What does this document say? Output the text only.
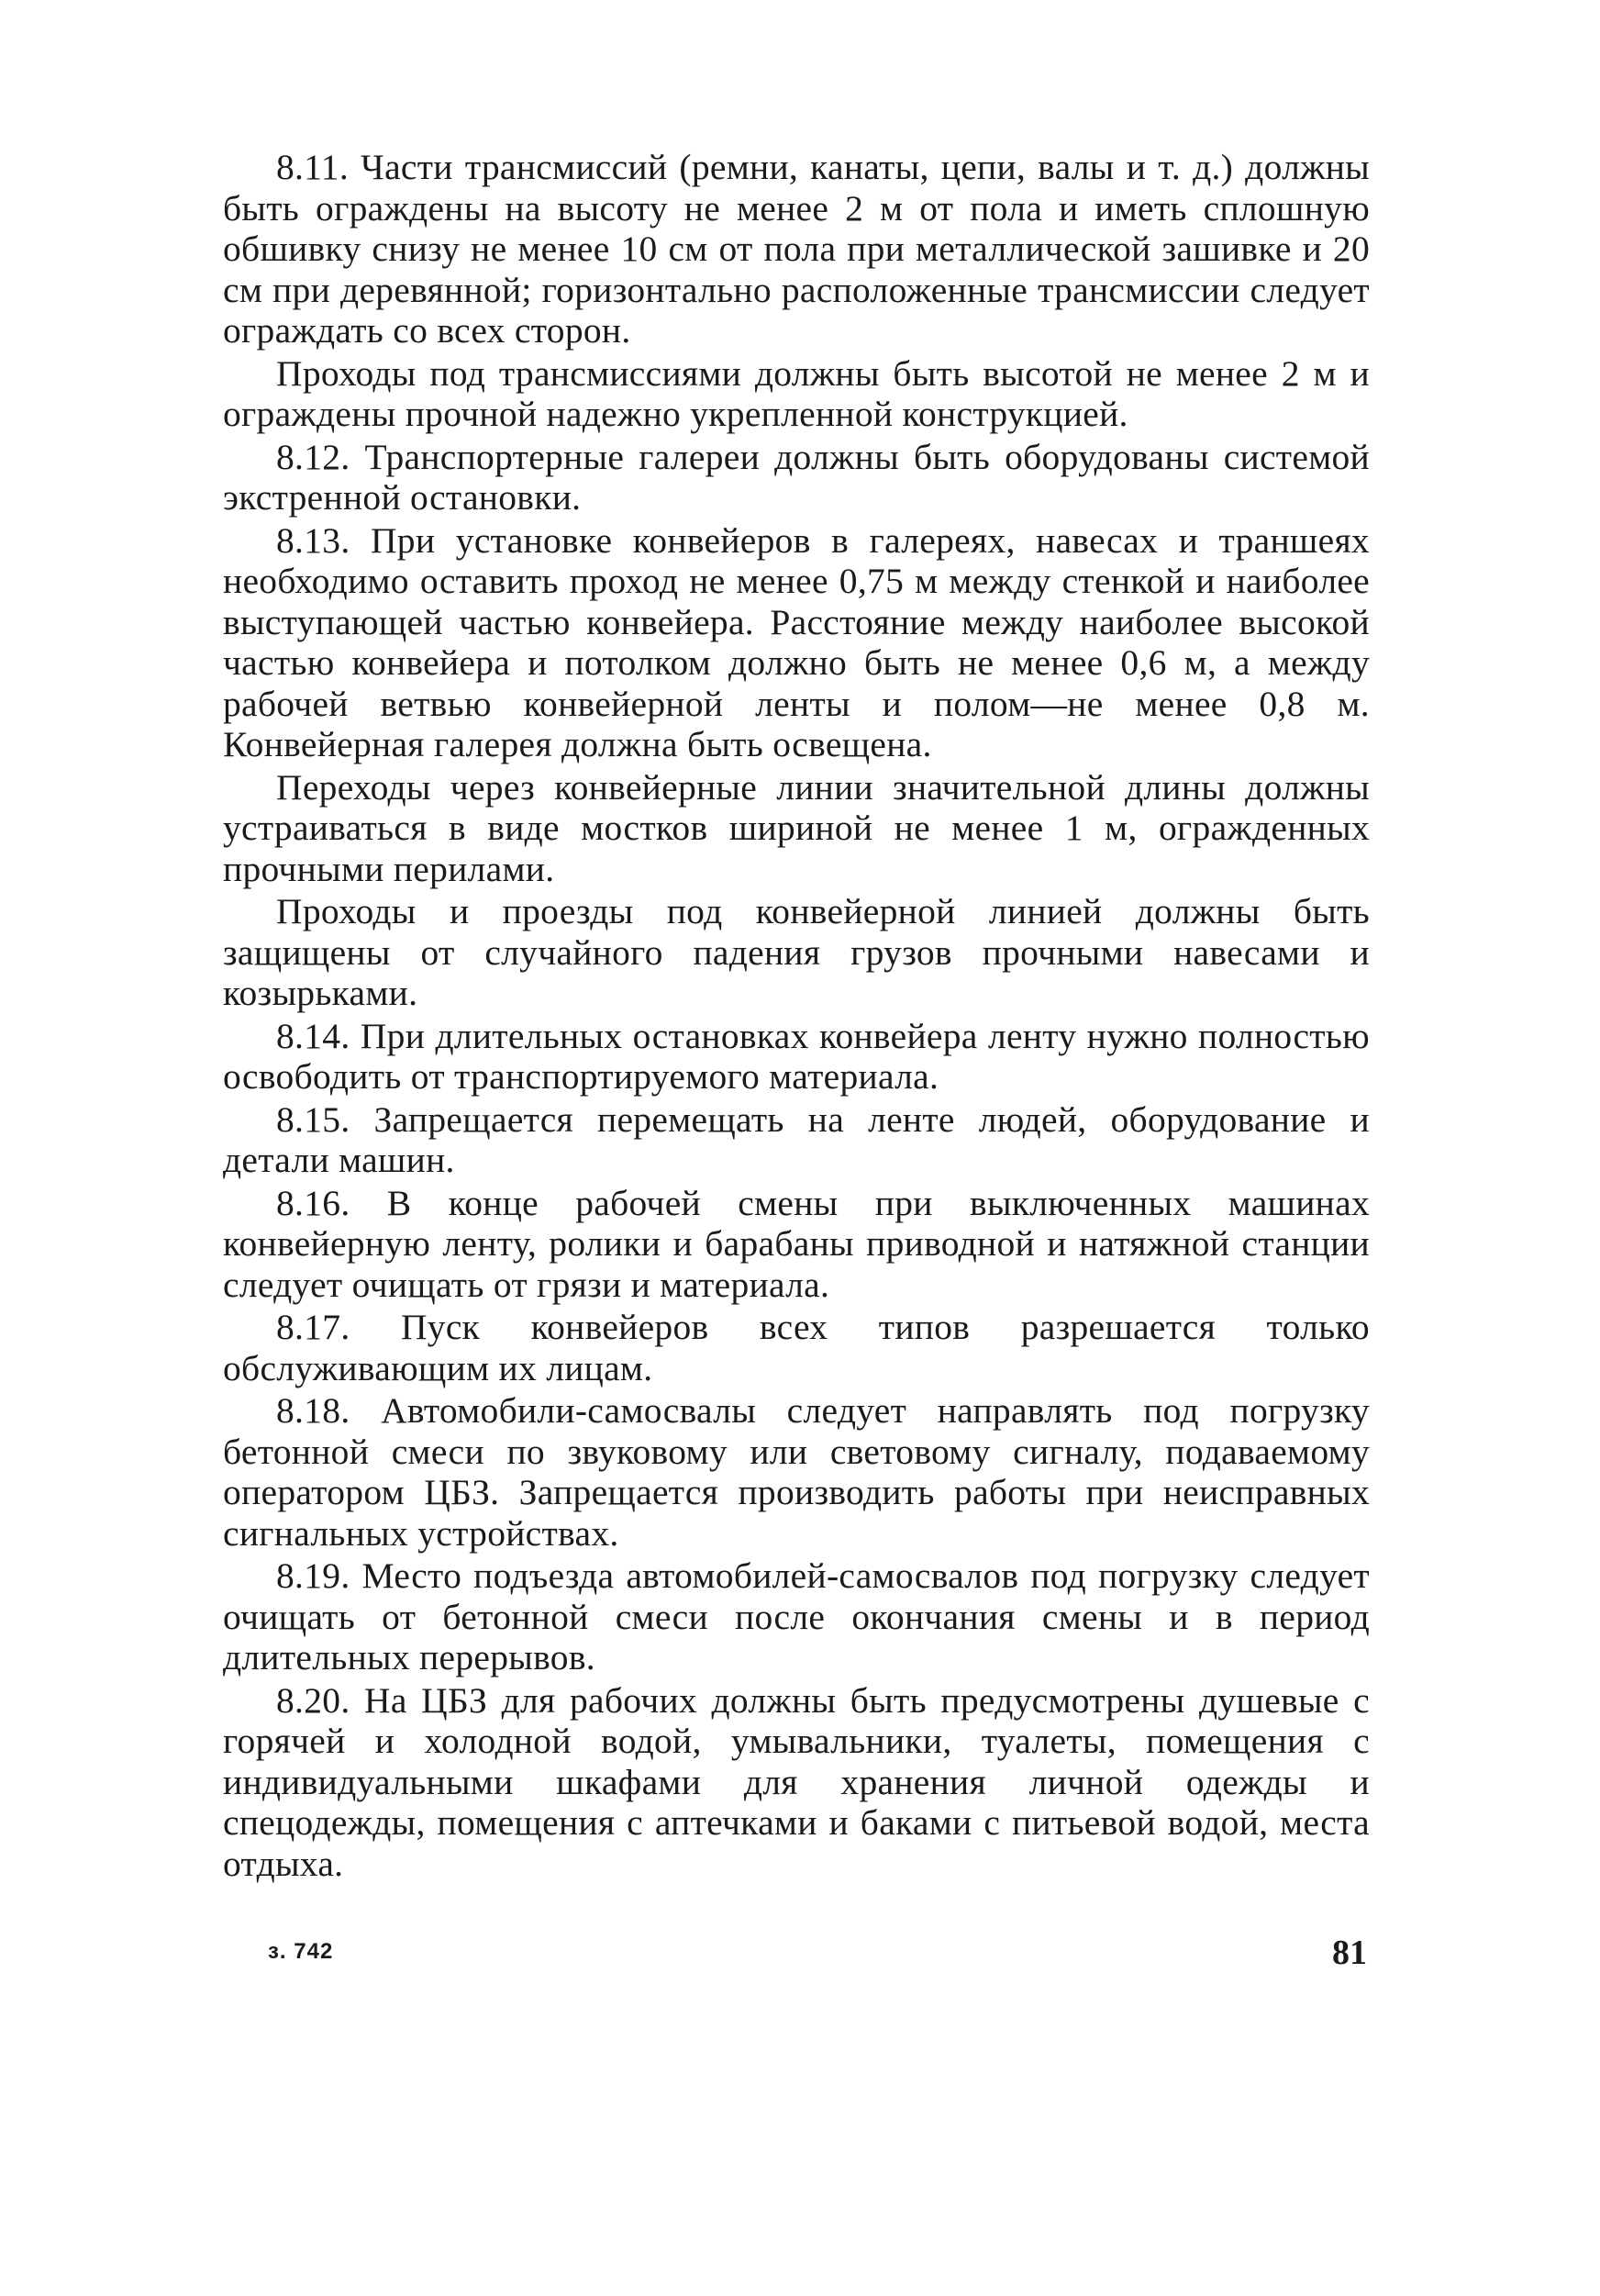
8.11. Части трансмиссий (ремни, канаты, цепи, валы и т. д.) должны быть ограждены на высоту не менее 2 м от пола и иметь сплошную обшивку снизу не менее 10 см от пола при металлической зашивке и 20 см при деревянной; горизонтально расположенные трансмиссии следует ограждать со всех сторон.

Проходы под трансмиссиями должны быть высотой не менее 2 м и ограждены прочной надежно укрепленной конструкцией.

8.12. Транспортерные галереи должны быть оборудованы системой экстренной остановки.

8.13. При установке конвейеров в галереях, навесах и траншеях необходимо оставить проход не менее 0,75 м между стенкой и наиболее выступающей частью конвейера. Расстояние между наиболее высокой частью конвейера и потолком должно быть не менее 0,6 м, а между рабочей ветвью конвейерной ленты и полом—не менее 0,8 м. Конвейерная галерея должна быть освещена.

Переходы через конвейерные линии значительной длины должны устраиваться в виде мостков шириной не менее 1 м, огражденных прочными перилами.

Проходы и проезды под конвейерной линией должны быть защищены от случайного падения грузов прочными навесами и козырьками.

8.14. При длительных остановках конвейера ленту нужно полностью освободить от транспортируемого материала.

8.15. Запрещается перемещать на ленте людей, оборудование и детали машин.

8.16. В конце рабочей смены при выключенных машинах конвейерную ленту, ролики и барабаны приводной и натяжной станции следует очищать от грязи и материала.

8.17. Пуск конвейеров всех типов разрешается только обслуживающим их лицам.

8.18. Автомобили-самосвалы следует направлять под погрузку бетонной смеси по звуковому или световому сигналу, подаваемому оператором ЦБЗ. Запрещается производить работы при неисправных сигнальных устройствах.

8.19. Место подъезда автомобилей-самосвалов под погрузку следует очищать от бетонной смеси после окончания смены и в период длительных перерывов.

8.20. На ЦБЗ для рабочих должны быть предусмотрены душевые с горячей и холодной водой, умывальники, туалеты, помещения с индивидуальными шкафами для хранения личной одежды и спецодежды, помещения с аптечками и баками с питьевой водой, места отдыха.

з. 742	81
